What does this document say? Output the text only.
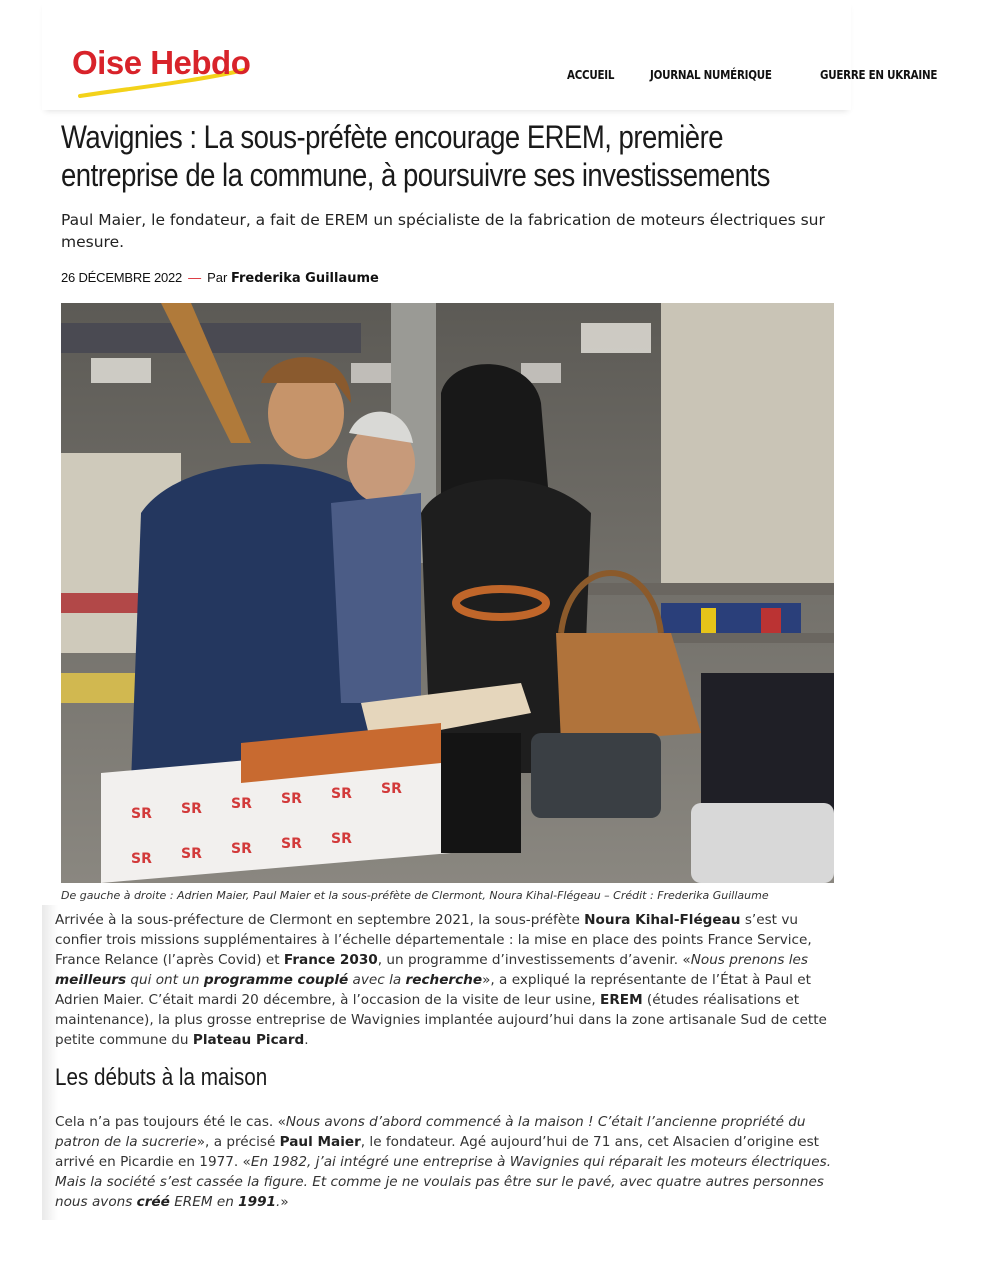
Oise Hebdo	ACCUEIL	JOURNAL NUMÉRIQUE	GUERRE EN UKRAINE
Wavignies : La sous-préfète encourage EREM, première entreprise de la commune, à poursuivre ses investissements

Paul Maier, le fondateur, a fait de EREM un spécialiste de la fabrication de moteurs électriques sur mesure.

26 DÉCEMBRE 2022 — Par Frederika Guillaume
SR SR SR SR SR SR
SR SR SR SR SR
De gauche à droite : Adrien Maier, Paul Maier et la sous-préfète de Clermont, Noura Kihal-Flégeau – Crédit : Frederika Guillaume

Arrivée à la sous-préfecture de Clermont en septembre 2021, la sous-préfète Noura Kihal-Flégeau s’est vu confier trois missions supplémentaires à l’échelle départementale : la mise en place des points France Service, France Relance (l’après Covid) et France 2030, un programme d’investissements d’avenir. «Nous prenons les meilleurs qui ont un programme couplé avec la recherche», a expliqué la représentante de l’État à Paul et Adrien Maier. C’était mardi 20 décembre, à l’occasion de la visite de leur usine, EREM (études réalisations et maintenance), la plus grosse entreprise de Wavignies implantée aujourd’hui dans la zone artisanale Sud de cette petite commune du Plateau Picard.

Les débuts à la maison

Cela n’a pas toujours été le cas. «Nous avons d’abord commencé à la maison ! C’était l’ancienne propriété du patron de la sucrerie», a précisé Paul Maier, le fondateur. Agé aujourd’hui de 71 ans, cet Alsacien d’origine est arrivé en Picardie en 1977. «En 1982, j’ai intégré une entreprise à Wavignies qui réparait les moteurs électriques. Mais la société s’est cassée la figure. Et comme je ne voulais pas être sur le pavé, avec quatre autres personnes nous avons créé EREM en 1991.»
